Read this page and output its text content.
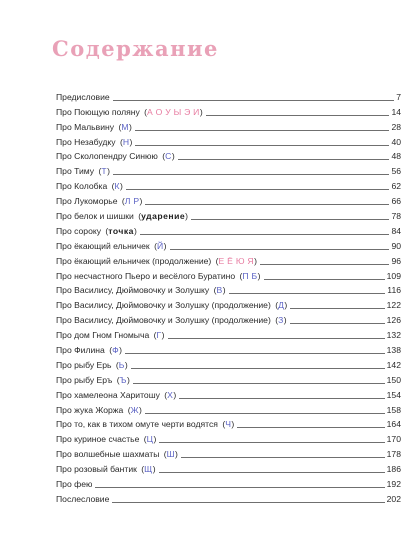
Содержание
Предисловие	7
Про Поющую поляну (А О У Ы Э И)	14
Про Мальвину (М)	28
Про Незабудку (Н)	40
Про Сколопендру Синюю (С)	48
Про Тиму (Т)	56
Про Колобка (К)	62
Про Лукоморье (Л Р)	66
Про белок и шишки (ударение)	78
Про сороку (точка)	84
Про ёкающий ельничек (Й)	90
Про ёкающий ельничек (продолжение) (Е Ё Ю Я)	96
Про несчастного Пьеро и весёлого Буратино (П Б)	109
Про Василису, Дюймовочку и Золушку (В)	116
Про Василису, Дюймовочку и Золушку (продолжение) (Д)	122
Про Василису, Дюймовочку и Золушку (продолжение) (З)	126
Про дом Гном Гномыча (Г)	132
Про Филина (Ф)	138
Про рыбу Ерь (Ь)	142
Про рыбу Еръ (Ъ)	150
Про хамелеона Харитошу (Х)	154
Про жука Жоржа (Ж)	158
Про то, как в тихом омуте черти водятся (Ч)	164
Про куриное счастье (Ц)	170
Про волшебные шахматы (Ш)	178
Про розовый бантик (Щ)	186
Про фею	192
Послесловие	202
